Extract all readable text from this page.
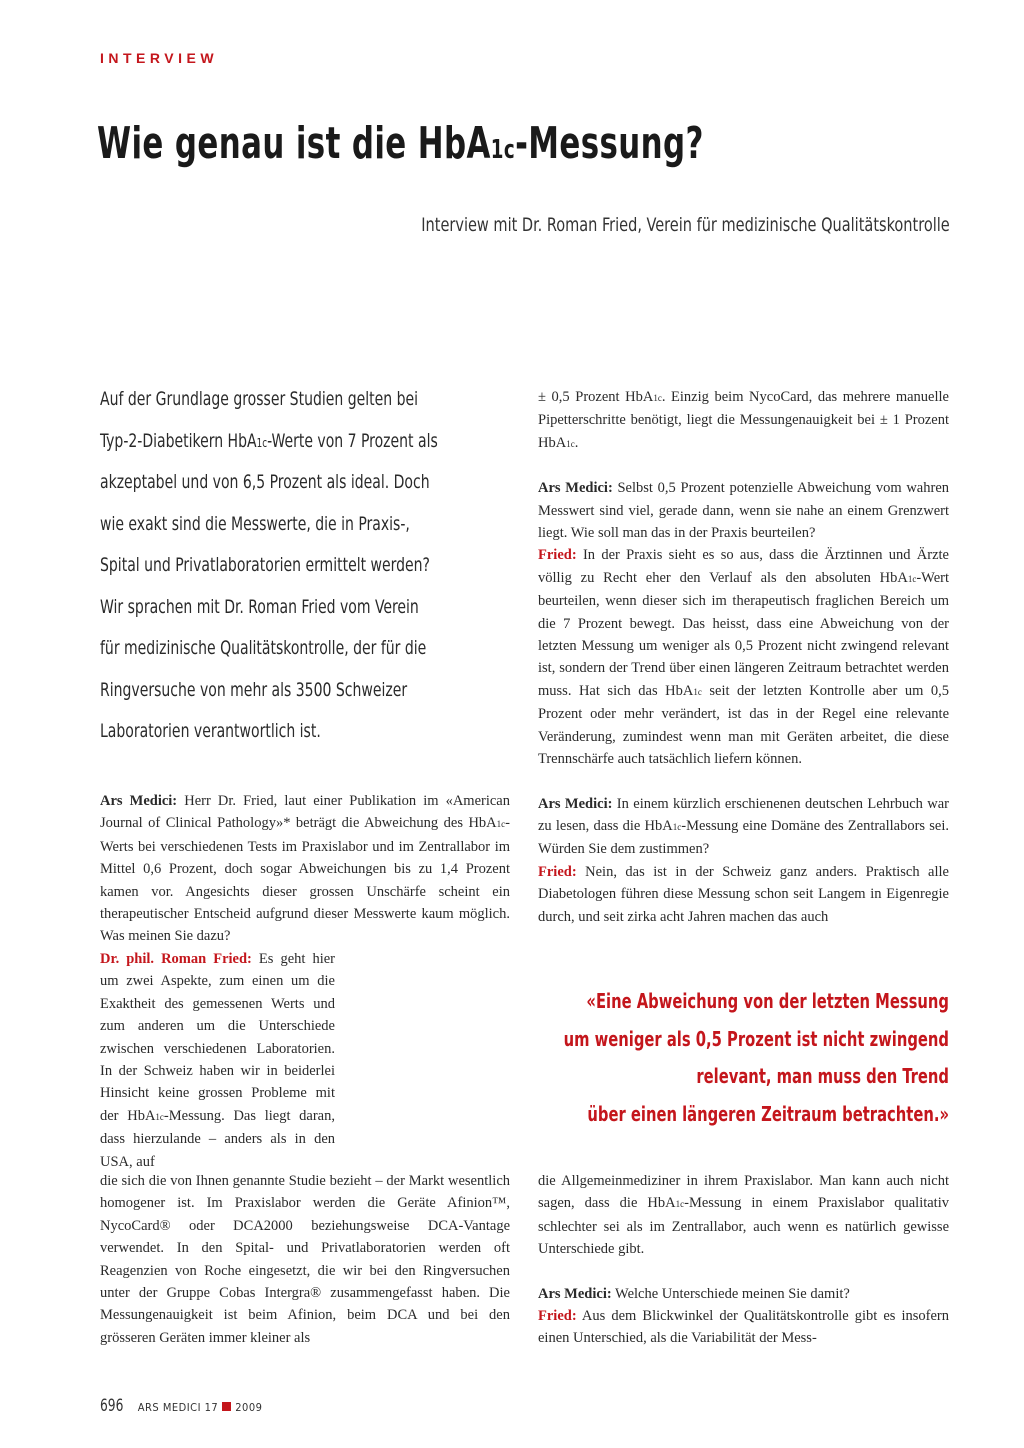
INTERVIEW
Wie genau ist die HbA1c-Messung?
Interview mit Dr. Roman Fried, Verein für medizinische Qualitätskontrolle
Auf der Grundlage grosser Studien gelten bei
Typ-2-Diabetikern HbA1c-Werte von 7 Prozent als
akzeptabel und von 6,5 Prozent als ideal. Doch
wie exakt sind die Messwerte, die in Praxis-,
Spital und Privatlaboratorien ermittelt werden?
Wir sprachen mit Dr. Roman Fried vom Verein
für medizinische Qualitätskontrolle, der für die
Ringversuche von mehr als 3500 Schweizer
Laboratorien verantwortlich ist.

Ars Medici: Herr Dr. Fried, laut einer Publikation im «American Journal of Clinical Pathology»* beträgt die Abweichung des HbA1c-Werts bei verschiedenen Tests im Praxislabor und im Zentrallabor im Mittel 0,6 Prozent, doch sogar Abweichungen bis zu 1,4 Prozent kamen vor. Angesichts dieser grossen Unschärfe scheint ein therapeutischer Entscheid aufgrund dieser Messwerte kaum möglich. Was meinen Sie dazu?

Dr. phil. Roman Fried: Es geht hier um zwei Aspekte, zum einen um die Exaktheit des gemessenen Werts und zum anderen um die Unterschiede zwischen verschiedenen Laboratorien. In der Schweiz haben wir in beiderlei Hinsicht keine grossen Probleme mit der HbA1c-Messung. Das liegt daran, dass hierzulande – anders als in den USA, auf

die sich die von Ihnen genannte Studie bezieht – der Markt wesentlich homogener ist. Im Praxislabor werden die Geräte Afinion™, NycoCard® oder DCA2000 beziehungsweise DCA-Vantage verwendet. In den Spital- und Privatlaboratorien werden oft Reagenzien von Roche eingesetzt, die wir bei den Ringversuchen unter der Gruppe Cobas Intergra® zusammengefasst haben. Die Messungenauigkeit ist beim Afinion, beim DCA und bei den grösseren Geräten immer kleiner als

± 0,5 Prozent HbA1c. Einzig beim NycoCard, das mehrere manuelle Pipetterschritte benötigt, liegt die Messungenauigkeit bei ± 1 Prozent HbA1c.

Ars Medici: Selbst 0,5 Prozent potenzielle Abweichung vom wahren Messwert sind viel, gerade dann, wenn sie nahe an einem Grenzwert liegt. Wie soll man das in der Praxis beurteilen?

Fried: In der Praxis sieht es so aus, dass die Ärztinnen und Ärzte völlig zu Recht eher den Verlauf als den absoluten HbA1c-Wert beurteilen, wenn dieser sich im therapeutisch fraglichen Bereich um die 7 Prozent bewegt. Das heisst, dass eine Abweichung von der letzten Messung um weniger als 0,5 Prozent nicht zwingend relevant ist, sondern der Trend über einen längeren Zeitraum betrachtet werden muss. Hat sich das HbA1c seit der letzten Kontrolle aber um 0,5 Prozent oder mehr verändert, ist das in der Regel eine relevante Veränderung, zumindest wenn man mit Geräten arbeitet, die diese Trennschärfe auch tatsächlich liefern können.

Ars Medici: In einem kürzlich erschienenen deutschen Lehrbuch war zu lesen, dass die HbA1c-Messung eine Domäne des Zentrallabors sei. Würden Sie dem zustimmen?

Fried: Nein, das ist in der Schweiz ganz anders. Praktisch alle Diabetologen führen diese Messung schon seit Langem in Eigenregie durch, und seit zirka acht Jahren machen das auch

«Eine Abweichung von der letzten Messung
um weniger als 0,5 Prozent ist nicht zwingend
relevant, man muss den Trend
über einen längeren Zeitraum betrachten.»

die Allgemeinmediziner in ihrem Praxislabor. Man kann auch nicht sagen, dass die HbA1c-Messung in einem Praxislabor qualitativ schlechter sei als im Zentrallabor, auch wenn es natürlich gewisse Unterschiede gibt.

Ars Medici: Welche Unterschiede meinen Sie damit?

Fried: Aus dem Blickwinkel der Qualitätskontrolle gibt es insofern einen Unterschied, als die Variabilität der Mess-

696 ARS MEDICI 17 2009
